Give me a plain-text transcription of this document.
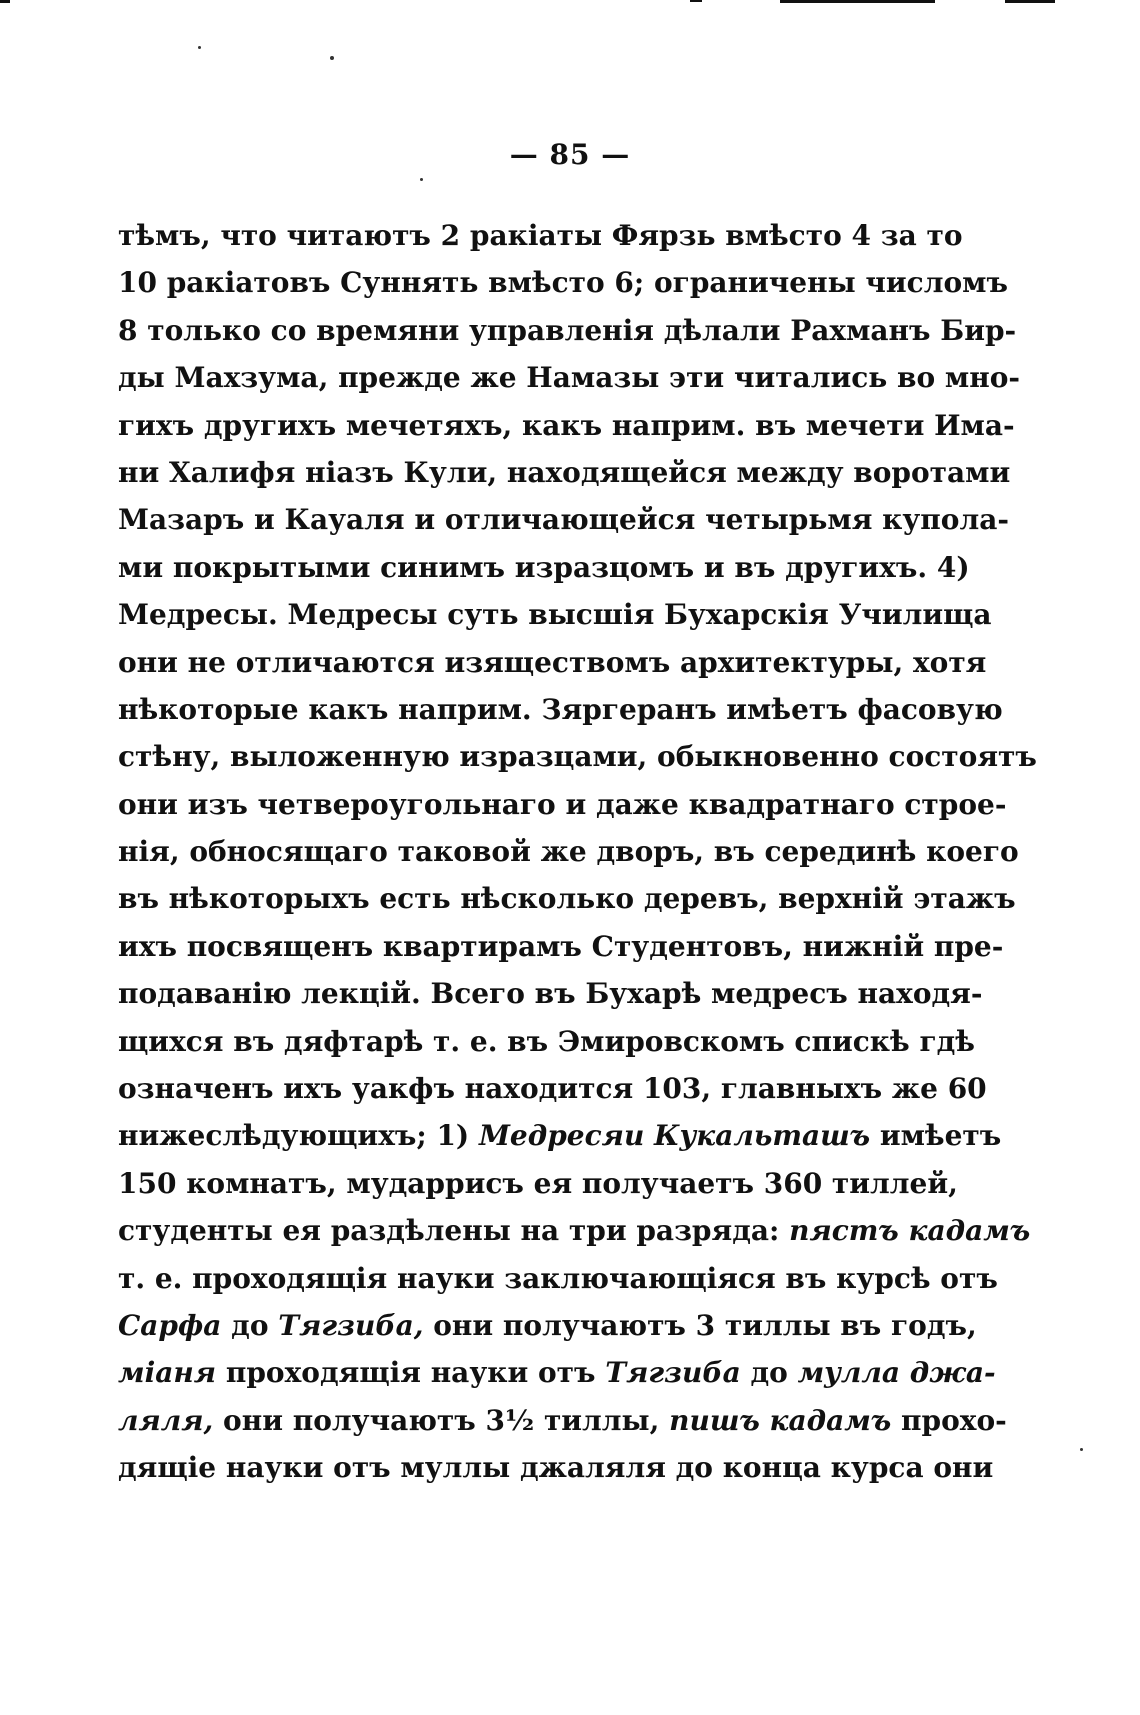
— 85 —
тѣмъ, что читаютъ 2 ракіаты Фярзь вмѣсто 4 за то
10 ракіатовъ Суннять вмѣсто 6; ограничены числомъ
8 только со времяни управленія дѣлали Рахманъ Бир-
ды Махзума, прежде же Намазы эти читались во мно-
гихъ другихъ мечетяхъ, какъ наприм. въ мечети Има-
ни Халифя ніазъ Кули, находящейся между воротами
Мазаръ и Кауаля и отличающейся четырьмя купола-
ми покрытыми синимъ изразцомъ и въ другихъ. 4)
Медресы. Медресы суть высшія Бухарскія Училища
они не отличаются изяществомъ архитектуры, хотя
нѣкоторые какъ наприм. Зяргеранъ имѣетъ фасовую
стѣну, выложенную изразцами, обыкновенно состоятъ
они изъ четвероугольнаго и даже квадратнаго строе-
нія, обносящаго таковой же дворъ, въ серединѣ коего
въ нѣкоторыхъ есть нѣсколько деревъ, верхній этажъ
ихъ посвященъ квартирамъ Студентовъ, нижній пре-
подаванію лекцій. Всего въ Бухарѣ медресъ находя-
щихся въ дяфтарѣ т. е. въ Эмировскомъ спискѣ гдѣ
означенъ ихъ уакфъ находится 103, главныхъ же 60
нижеслѣдующихъ; 1) Медресяи Кукальташъ имѣетъ
150 комнатъ, мударрисъ ея получаетъ 360 тиллей,
студенты ея раздѣлены на три разряда: пястъ кадамъ
т. е. проходящія науки заключающіяся въ курсѣ отъ
Сарфа до Тягзиба, они получаютъ 3 тиллы въ годъ,
міаня проходящія науки отъ Тягзиба до мулла джа-
ляля, они получаютъ 3½ тиллы, пишъ кадамъ прохо-
дящіе науки отъ муллы джаляля до конца курса они
